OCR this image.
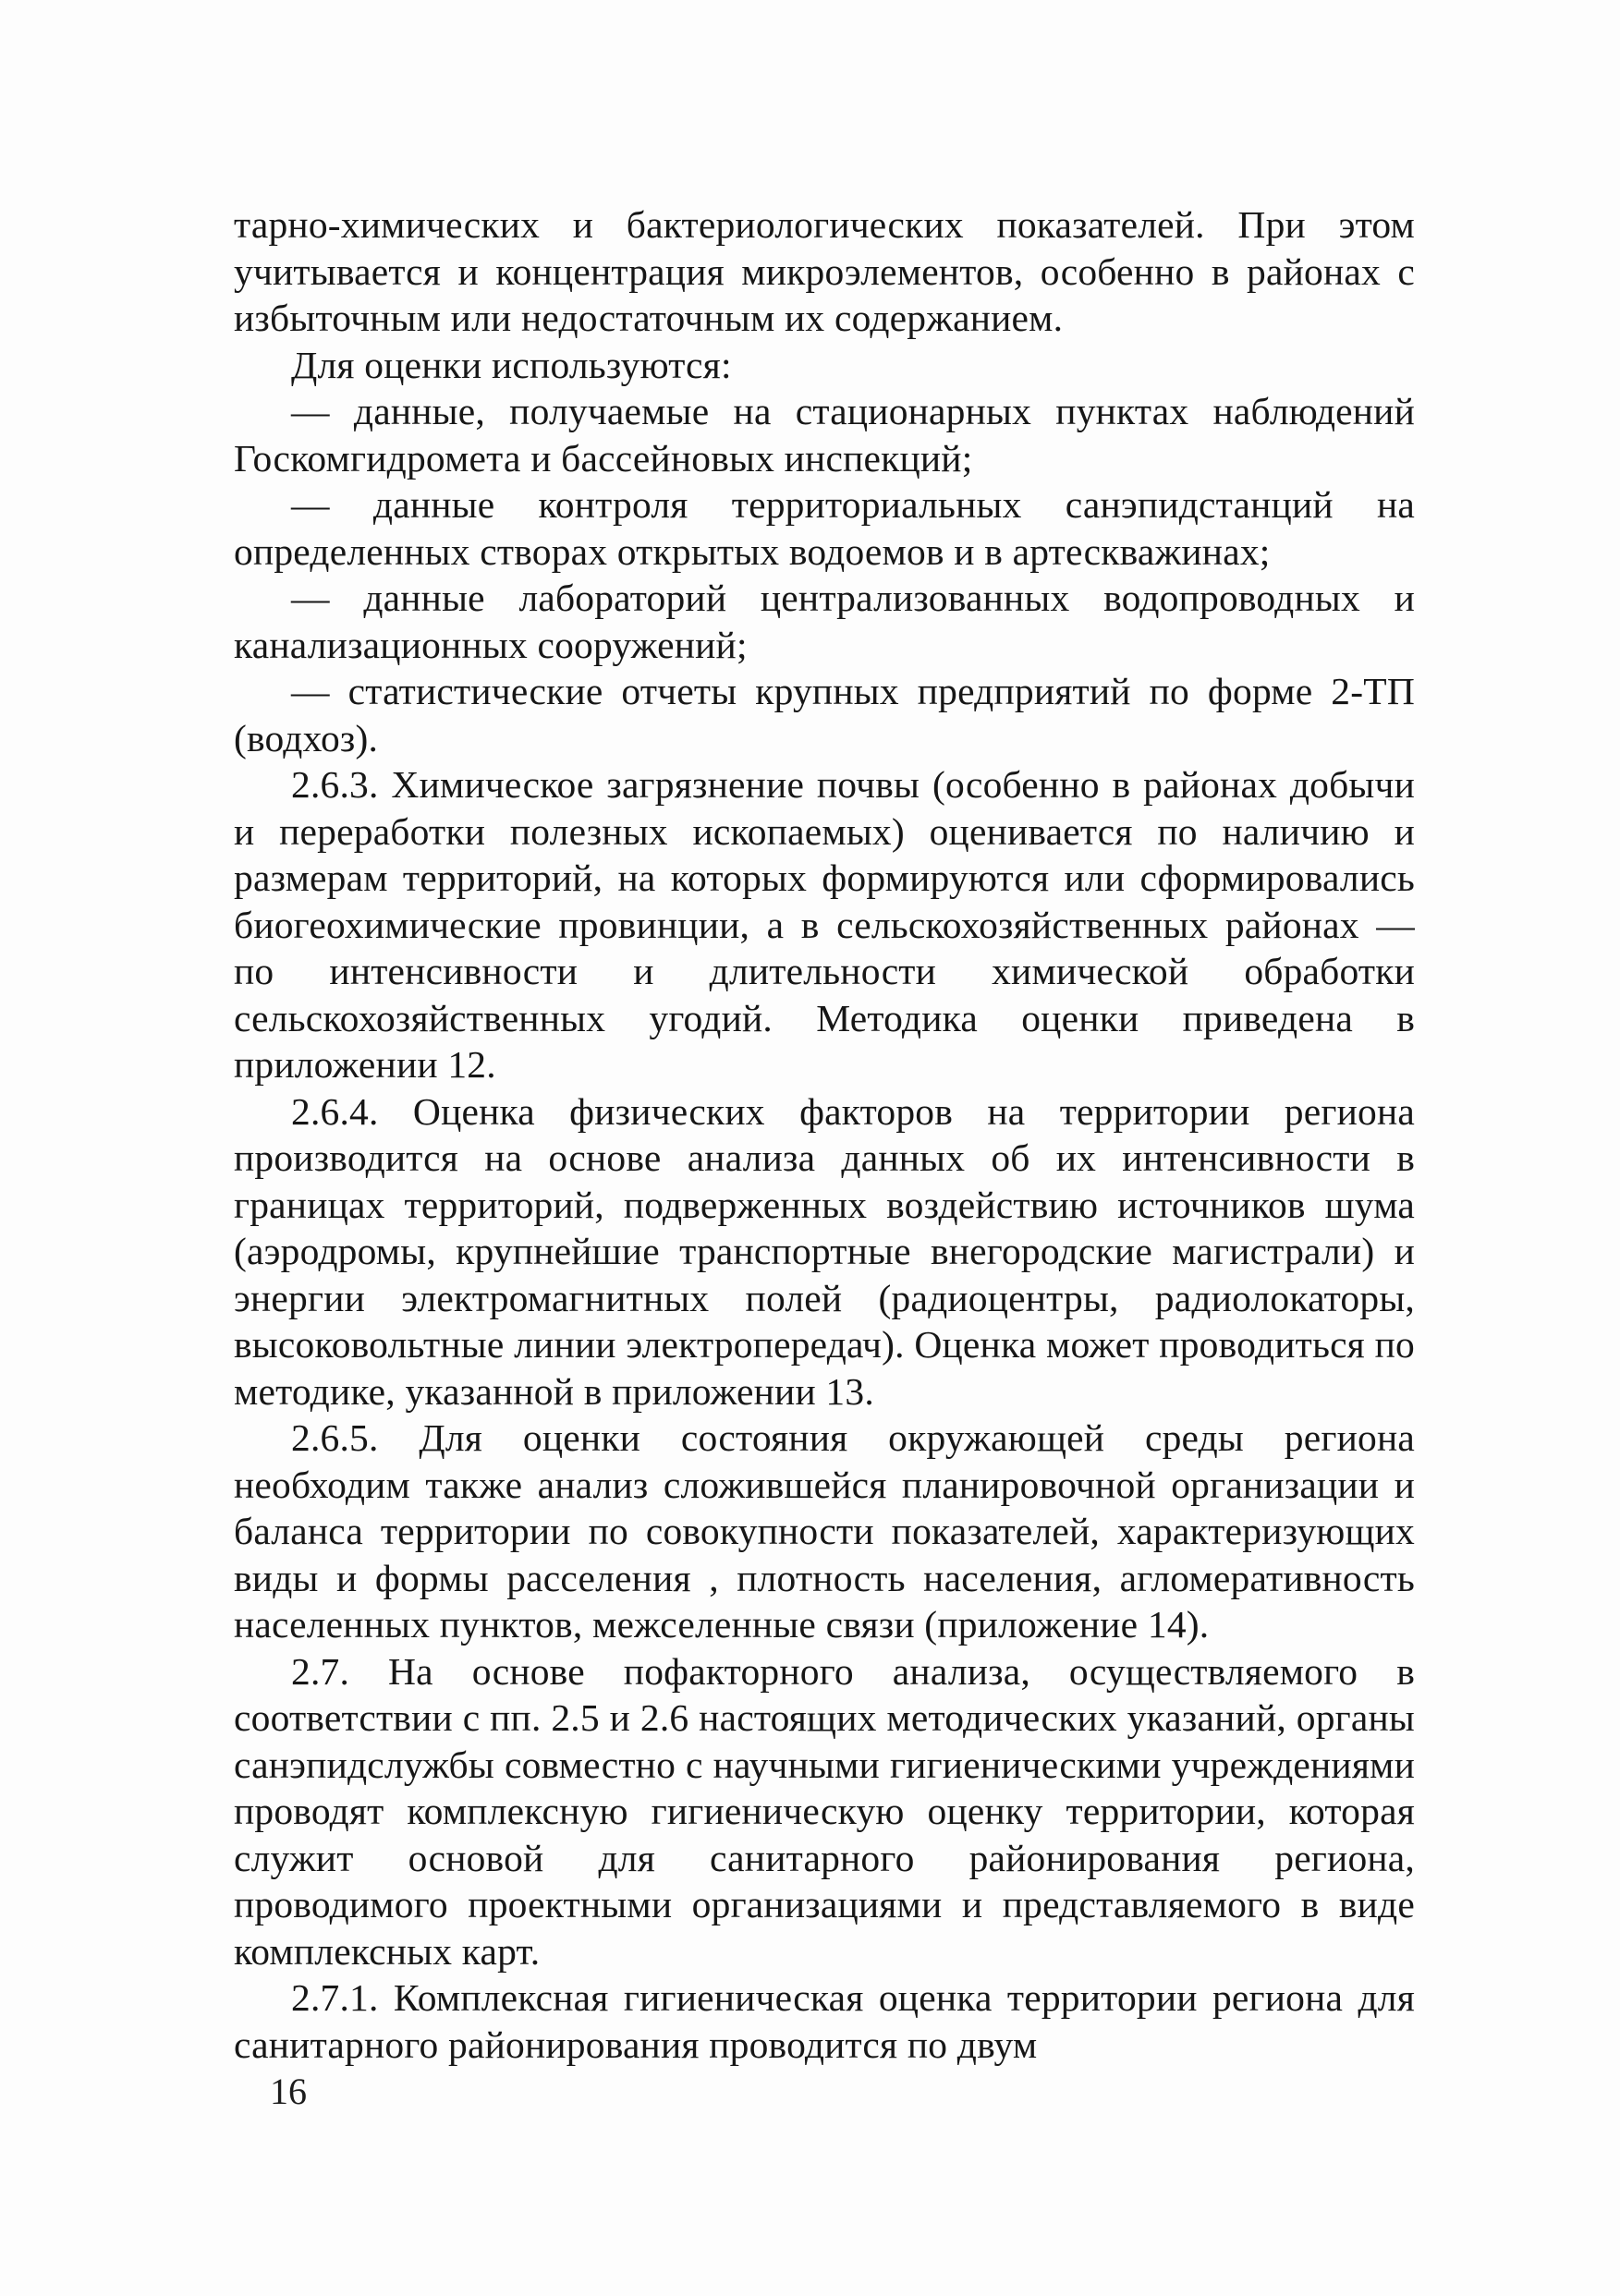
тарно-химических и бактериологических показателей. При этом учитывается и концентрация микроэлементов, особенно в районах с избыточным или недостаточным их содержанием.

Для оценки используются:

— данные, получаемые на стационарных пунктах наблюдений Госкомгидромета и бассейновых инспекций;

— данные контроля территориальных санэпидстанций на определенных створах открытых водоемов и в артескважинах;

— данные лабораторий централизованных водопроводных и канализационных сооружений;

— статистические отчеты крупных предприятий по форме 2-ТП (водхоз).

2.6.3. Химическое загрязнение почвы (особенно в районах добычи и переработки полезных ископаемых) оценивается по наличию и размерам территорий, на которых формируются или сформировались биогеохимические провинции, а в сельскохозяйственных районах — по интенсивности и длительности химической обработки сельскохозяйственных угодий. Методика оценки приведена в приложении 12.

2.6.4. Оценка физических факторов на территории региона производится на основе анализа данных об их интенсивности в границах территорий, подверженных воздействию источников шума (аэродромы, крупнейшие транспортные внегородские магистрали) и энергии электромагнитных полей (радиоцентры, радиолокаторы, высоковольтные линии электропередач). Оценка может проводиться по методике, указанной в приложении 13.

2.6.5. Для оценки состояния окружающей среды региона необходим также анализ сложившейся планировочной организации и баланса территории по совокупности показателей, характеризующих виды и формы расселения , плотность населения, агломеративность населенных пунктов, межселенные связи (приложение 14).

2.7. На основе пофакторного анализа, осуществляемого в соответствии с пп. 2.5 и 2.6 настоящих методических указаний, органы санэпидслужбы совместно с научными гигиеническими учреждениями проводят комплексную гигиеническую оценку территории, которая служит основой для санитарного районирования региона, проводимого проектными организациями и представляемого в виде комплексных карт.

2.7.1. Комплексная гигиеническая оценка территории региона для санитарного районирования проводится по двум

16
